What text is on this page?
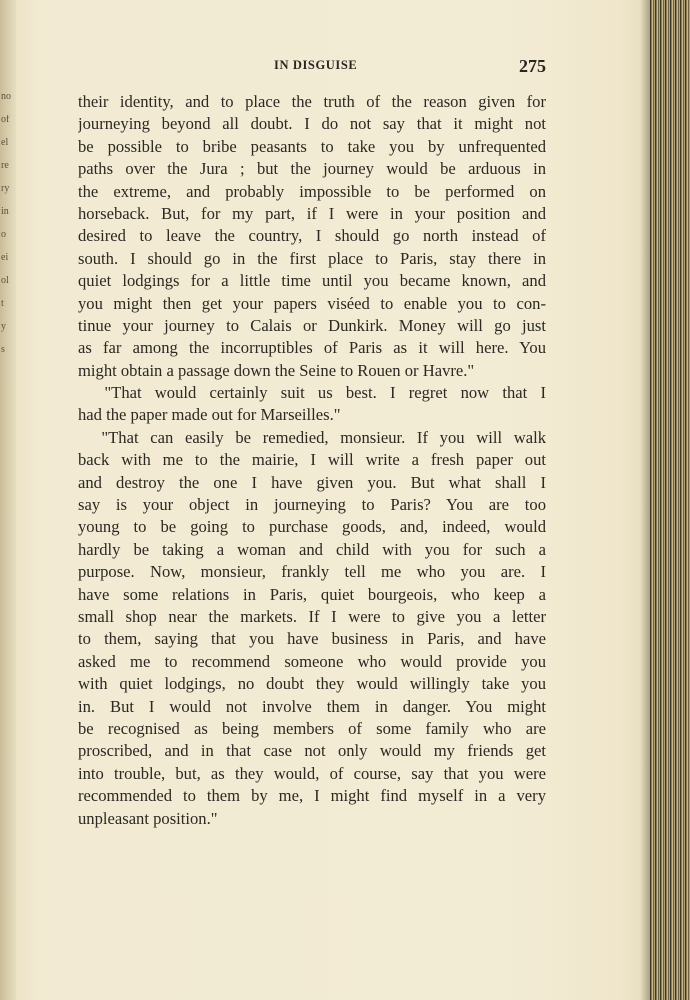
no
of
el
re
ry
in
o
ei
ol
t
y
s
IN DISGUISE	275
their identity, and to place the truth of the reason given for
journeying beyond all doubt. I do not say that it might not
be possible to bribe peasants to take you by unfrequented
paths over the Jura ; but the journey would be arduous in
the extreme, and probably impossible to be performed on
horseback. But, for my part, if I were in your position and
desired to leave the country, I should go north instead of
south. I should go in the first place to Paris, stay there in
quiet lodgings for a little time until you became known, and
you might then get your papers viséed to enable you to con-
tinue your journey to Calais or Dunkirk. Money will go just
as far among the incorruptibles of Paris as it will here. You
might obtain a passage down the Seine to Rouen or Havre."
"That would certainly suit us best. I regret now that I
had the paper made out for Marseilles."
"That can easily be remedied, monsieur. If you will walk
back with me to the mairie, I will write a fresh paper out
and destroy the one I have given you. But what shall I
say is your object in journeying to Paris? You are too
young to be going to purchase goods, and, indeed, would
hardly be taking a woman and child with you for such a
purpose. Now, monsieur, frankly tell me who you are. I
have some relations in Paris, quiet bourgeois, who keep a
small shop near the markets. If I were to give you a letter
to them, saying that you have business in Paris, and have
asked me to recommend someone who would provide you
with quiet lodgings, no doubt they would willingly take you
in. But I would not involve them in danger. You might
be recognised as being members of some family who are
proscribed, and in that case not only would my friends get
into trouble, but, as they would, of course, say that you were
recommended to them by me, I might find myself in a very
unpleasant position."
